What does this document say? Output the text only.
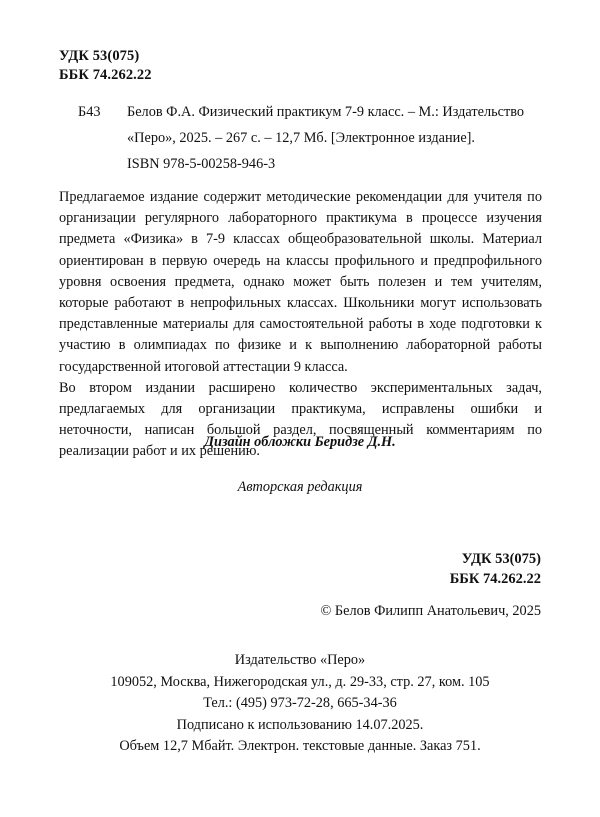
УДК 53(075)
ББК 74.262.22
Б43 Белов Ф.А. Физический практикум 7-9 класс. – М.: Издательство
«Перо», 2025. – 267 с. – 12,7 Мб. [Электронное издание].
ISBN 978-5-00258-946-3

Предлагаемое издание содержит методические рекомендации для учителя по организации регулярного лабораторного практикума в процессе изучения предмета «Физика» в 7-9 классах общеобразовательной школы. Материал ориентирован в первую очередь на классы профильного и предпрофильного уровня освоения предмета, однако может быть полезен и тем учителям, которые работают в непрофильных классах. Школьники могут использовать представленные материалы для самостоятельной работы в ходе подготовки к участию в олимпиадах по физике и к выполнению лабораторной работы государственной итоговой аттестации 9 класса.

Во втором издании расширено количество экспериментальных задач, предлагаемых для организации практикума, исправлены ошибки и неточности, написан большой раздел, посвященный комментариям по реализации работ и их решению.

Дизайн обложки Беридзе Д.Н.
Авторская редакция
УДК 53(075)
ББК 74.262.22
© Белов Филипп Анатольевич, 2025
Издательство «Перо»
109052, Москва, Нижегородская ул., д. 29-33, стр. 27, ком. 105
Тел.: (495) 973-72-28, 665-34-36
Подписано к использованию 14.07.2025.
Объем 12,7 Мбайт. Электрон. текстовые данные. Заказ 751.
